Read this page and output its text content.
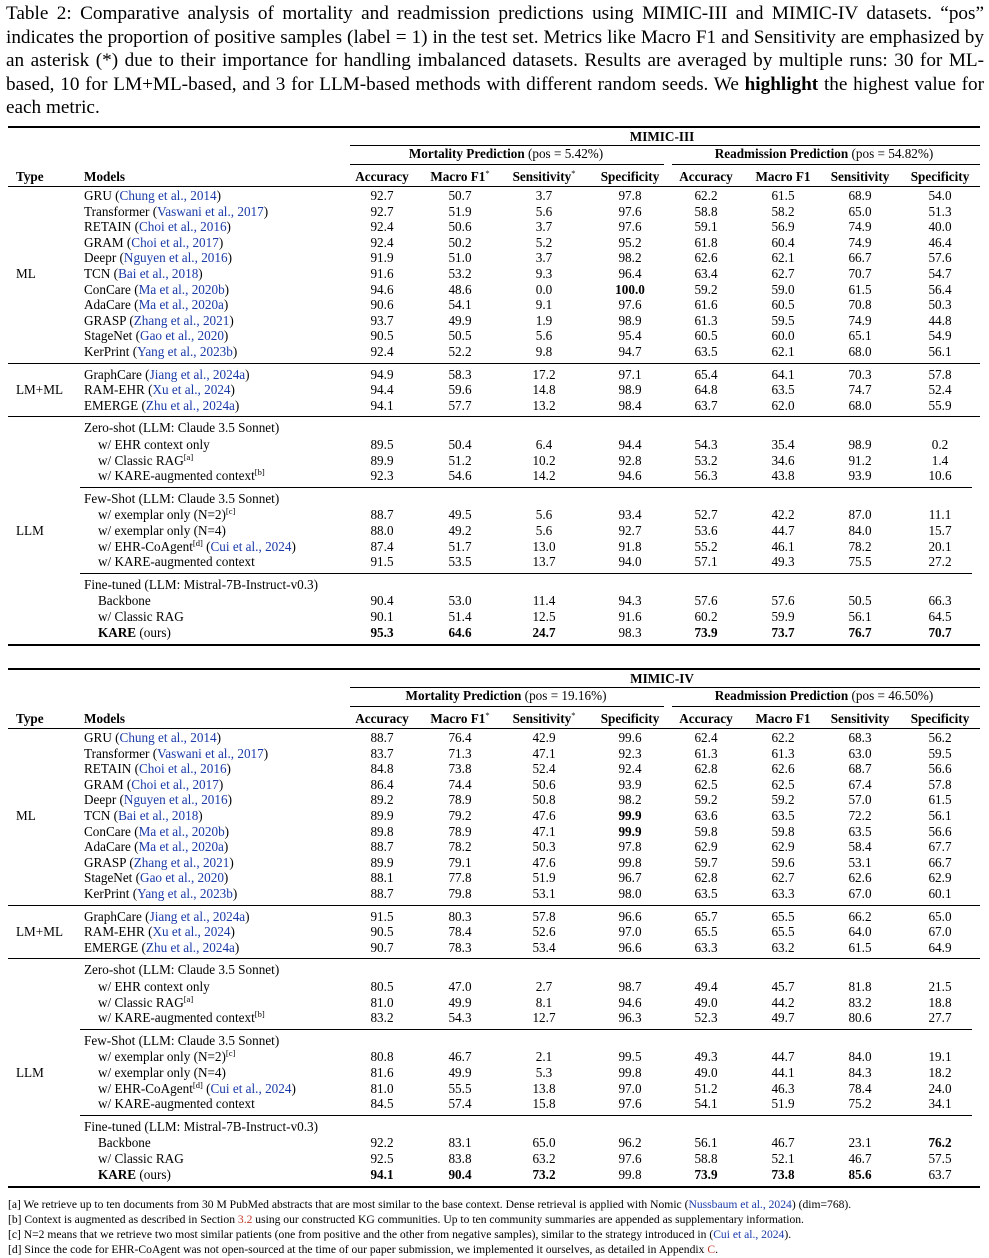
Table 2: Comparative analysis of mortality and readmission predictions using MIMIC-III and MIMIC-IV datasets. “pos” indicates the proportion of positive samples (label = 1) in the test set. Metrics like Macro F1 and Sensitivity are emphasized by an asterisk (*) due to their importance for handling imbalanced datasets. Results are averaged by multiple runs: 30 for ML-based, 10 for LM+ML-based, and 3 for LLM-based methods with different random seeds. We highlight the highest value for each metric.
MIMIC-III
Mortality Prediction (pos = 5.42%)	Readmission Prediction (pos = 54.82%)
Type	Models	Accuracy Macro F1* Sensitivity* Specificity Accuracy Macro F1 Sensitivity Specificity
GRU (Chung et al., 2014)	92.7	50.7	3.7	97.8	62.2	61.5	68.9	54.0
Transformer (Vaswani et al., 2017)	92.7	51.9	5.6	97.6	58.8	58.2	65.0	51.3
RETAIN (Choi et al., 2016)	92.4	50.6	3.7	97.6	59.1	56.9	74.9	40.0
GRAM (Choi et al., 2017)	92.4	50.2	5.2	95.2	61.8	60.4	74.9	46.4
Deepr (Nguyen et al., 2016)	91.9	51.0	3.7	98.2	62.6	62.1	66.7	57.6
TCN (Bai et al., 2018)	91.6	53.2	9.3	96.4	63.4	62.7	70.7	54.7
ConCare (Ma et al., 2020b)	94.6	48.6	0.0	100.0	59.2	59.0	61.5	56.4
AdaCare (Ma et al., 2020a)	90.6	54.1	9.1	97.6	61.6	60.5	70.8	50.3
GRASP (Zhang et al., 2021)	93.7	49.9	1.9	98.9	61.3	59.5	74.9	44.8
StageNet (Gao et al., 2020)	90.5	50.5	5.6	95.4	60.5	60.0	65.1	54.9
KerPrint (Yang et al., 2023b)	92.4	52.2	9.8	94.7	63.5	62.1	68.0	56.1
ML
GraphCare (Jiang et al., 2024a)	94.9	58.3	17.2	97.1	65.4	64.1	70.3	57.8
RAM-EHR (Xu et al., 2024)	94.4	59.6	14.8	98.9	64.8	63.5	74.7	52.4
EMERGE (Zhu et al., 2024a)	94.1	57.7	13.2	98.4	63.7	62.0	68.0	55.9
LM+ML
Zero-shot (LLM: Claude 3.5 Sonnet)
w/ EHR context only	89.5	50.4	6.4	94.4	54.3	35.4	98.9	0.2
w/ Classic RAG[a]	89.9	51.2	10.2	92.8	53.2	34.6	91.2	1.4
w/ KARE-augmented context[b]	92.3	54.6	14.2	94.6	56.3	43.8	93.9	10.6
Few-Shot (LLM: Claude 3.5 Sonnet)
w/ exemplar only (N=2)[c]	88.7	49.5	5.6	93.4	52.7	42.2	87.0	11.1
w/ exemplar only (N=4)	88.0	49.2	5.6	92.7	53.6	44.7	84.0	15.7
w/ EHR-CoAgent[d] (Cui et al., 2024)	87.4	51.7	13.0	91.8	55.2	46.1	78.2	20.1
w/ KARE-augmented context	91.5	53.5	13.7	94.0	57.1	49.3	75.5	27.2
Fine-tuned (LLM: Mistral-7B-Instruct-v0.3)
Backbone	90.4	53.0	11.4	94.3	57.6	57.6	50.5	66.3
w/ Classic RAG	90.1	51.4	12.5	91.6	60.2	59.9	56.1	64.5
KARE (ours)	95.3	64.6	24.7	98.3	73.9	73.7	76.7	70.7
LLM
MIMIC-IV
Mortality Prediction (pos = 19.16%)	Readmission Prediction (pos = 46.50%)
Type	Models	Accuracy Macro F1* Sensitivity* Specificity Accuracy Macro F1 Sensitivity Specificity
GRU (Chung et al., 2014)	88.7	76.4	42.9	99.6	62.4	62.2	68.3	56.2
Transformer (Vaswani et al., 2017)	83.7	71.3	47.1	92.3	61.3	61.3	63.0	59.5
RETAIN (Choi et al., 2016)	84.8	73.8	52.4	92.4	62.8	62.6	68.7	56.6
GRAM (Choi et al., 2017)	86.4	74.4	50.6	93.9	62.5	62.5	67.4	57.8
Deepr (Nguyen et al., 2016)	89.2	78.9	50.8	98.2	59.2	59.2	57.0	61.5
TCN (Bai et al., 2018)	89.9	79.2	47.6	99.9	63.6	63.5	72.2	56.1
ConCare (Ma et al., 2020b)	89.8	78.9	47.1	99.9	59.8	59.8	63.5	56.6
AdaCare (Ma et al., 2020a)	88.7	78.2	50.3	97.8	62.9	62.9	58.4	67.7
GRASP (Zhang et al., 2021)	89.9	79.1	47.6	99.8	59.7	59.6	53.1	66.7
StageNet (Gao et al., 2020)	88.1	77.8	51.9	96.7	62.8	62.7	62.6	62.9
KerPrint (Yang et al., 2023b)	88.7	79.8	53.1	98.0	63.5	63.3	67.0	60.1
ML
GraphCare (Jiang et al., 2024a)	91.5	80.3	57.8	96.6	65.7	65.5	66.2	65.0
RAM-EHR (Xu et al., 2024)	90.5	78.4	52.6	97.0	65.5	65.5	64.0	67.0
EMERGE (Zhu et al., 2024a)	90.7	78.3	53.4	96.6	63.3	63.2	61.5	64.9
LM+ML
Zero-shot (LLM: Claude 3.5 Sonnet)
w/ EHR context only	80.5	47.0	2.7	98.7	49.4	45.7	81.8	21.5
w/ Classic RAG[a]	81.0	49.9	8.1	94.6	49.0	44.2	83.2	18.8
w/ KARE-augmented context[b]	83.2	54.3	12.7	96.3	52.3	49.7	80.6	27.7
Few-Shot (LLM: Claude 3.5 Sonnet)
w/ exemplar only (N=2)[c]	80.8	46.7	2.1	99.5	49.3	44.7	84.0	19.1
w/ exemplar only (N=4)	81.6	49.9	5.3	99.8	49.0	44.1	84.3	18.2
w/ EHR-CoAgent[d] (Cui et al., 2024)	81.0	55.5	13.8	97.0	51.2	46.3	78.4	24.0
w/ KARE-augmented context	84.5	57.4	15.8	97.6	54.1	51.9	75.2	34.1
Fine-tuned (LLM: Mistral-7B-Instruct-v0.3)
Backbone	92.2	83.1	65.0	96.2	56.1	46.7	23.1	76.2
w/ Classic RAG	92.5	83.8	63.2	97.6	58.8	52.1	46.7	57.5
KARE (ours)	94.1	90.4	73.2	99.8	73.9	73.8	85.6	63.7
LLM
[a] We retrieve up to ten documents from 30 M PubMed abstracts that are most similar to the base context. Dense retrieval is applied with Nomic (Nussbaum et al., 2024) (dim=768).
[b] Context is augmented as described in Section 3.2 using our constructed KG communities. Up to ten community summaries are appended as supplementary information.
[c] N=2 means that we retrieve two most similar patients (one from positive and the other from negative samples), similar to the strategy introduced in (Cui et al., 2024).
[d] Since the code for EHR-CoAgent was not open-sourced at the time of our paper submission, we implemented it ourselves, as detailed in Appendix C.
